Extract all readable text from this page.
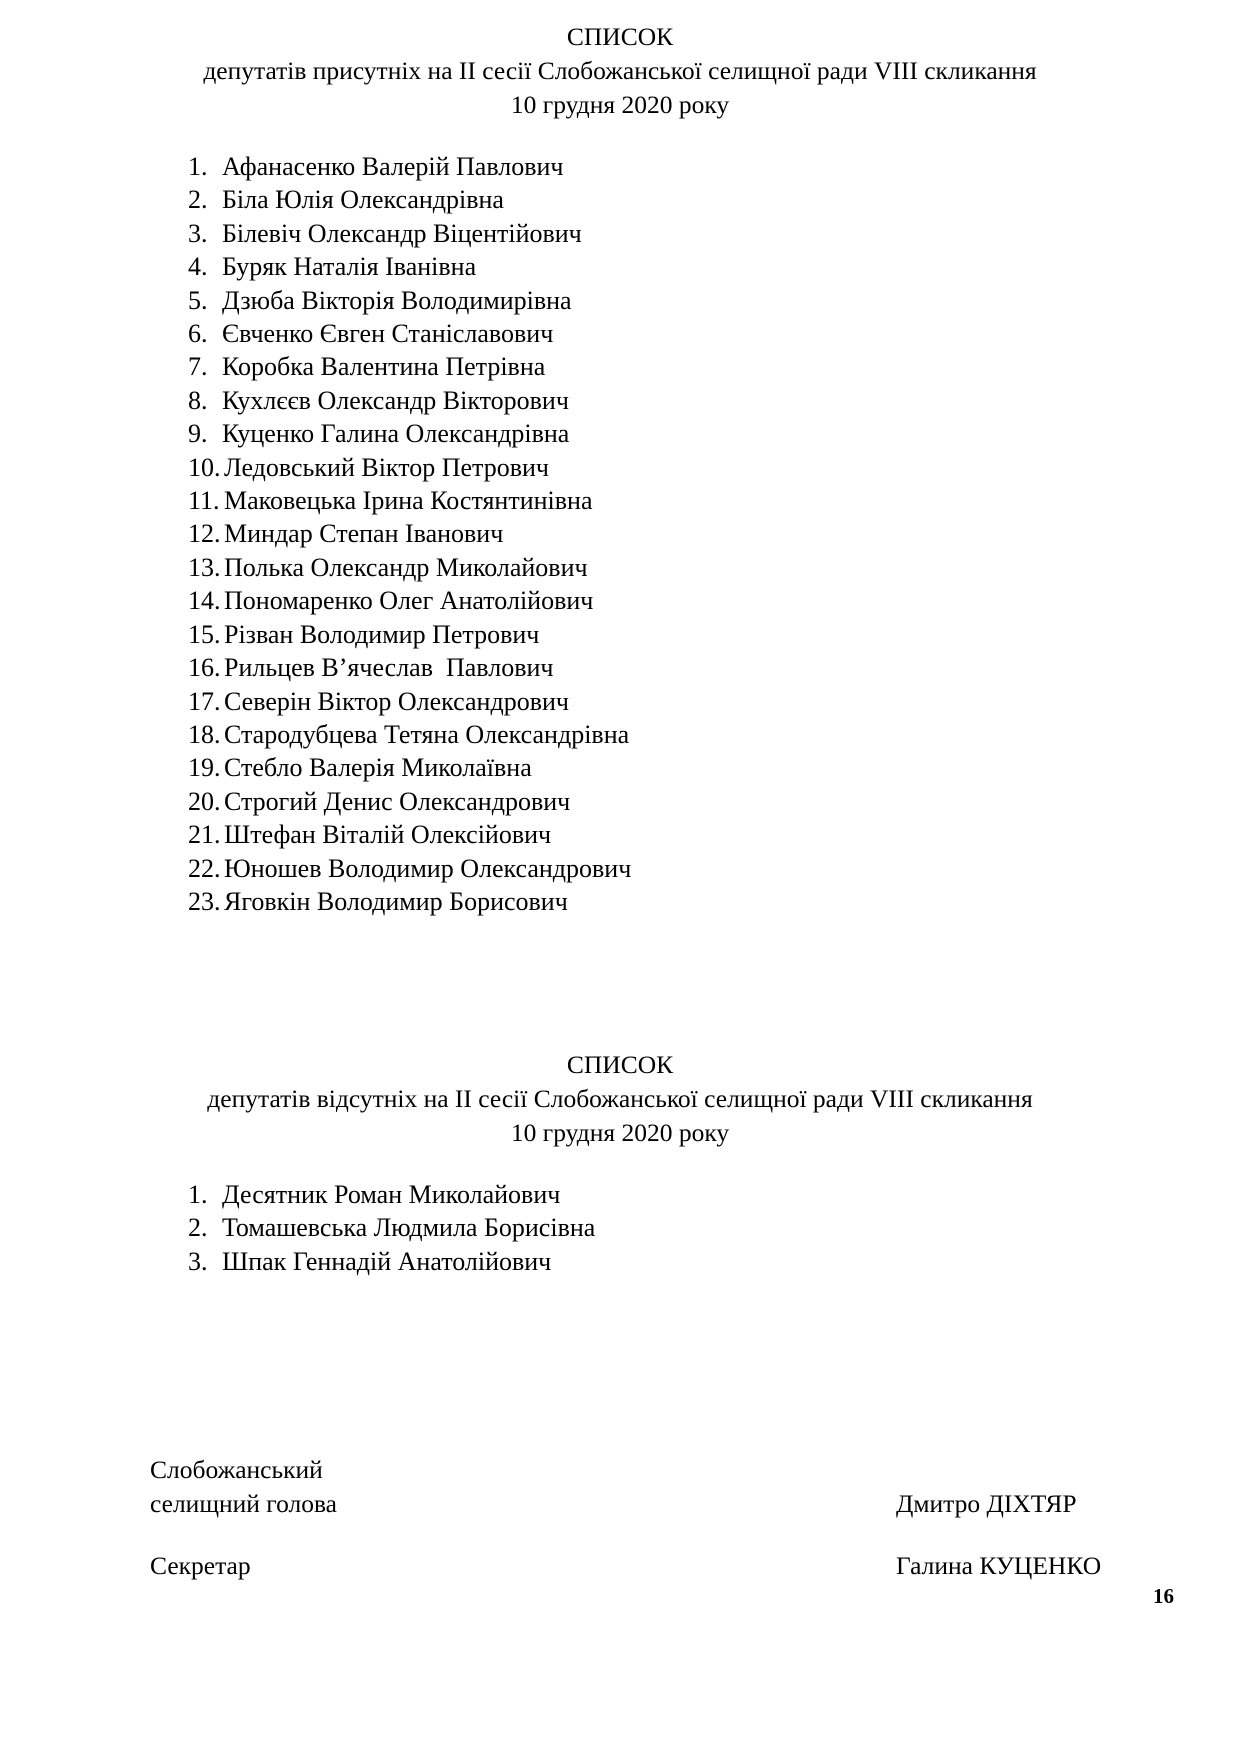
СПИСОК

депутатів присутніх на ІІ сесії Слобожанської селищної ради VIII скликання

10 грудня 2020 року

1. Афанасенко Валерій Павлович
2. Біла Юлія Олександрівна
3. Білевіч Олександр Віцентійович
4. Буряк Наталія Іванівна
5. Дзюба Вікторія Володимирівна
6. Євченко Євген Станіславович
7. Коробка Валентина Петрівна
8. Кухлєєв Олександр Вікторович
9. Куценко Галина Олександрівна
10. Ледовський Віктор Петрович
11. Маковецька Ірина Костянтинівна
12. Миндар Степан Іванович
13. Полька Олександр Миколайович
14. Пономаренко Олег Анатолійович
15. Різван Володимир Петрович
16. Рильцев В’ячеслав  Павлович
17. Северін Віктор Олександрович
18. Стародубцева Тетяна Олександрівна
19. Стебло Валерія Миколаївна
20. Строгий Денис Олександрович
21. Штефан Віталій Олексійович
22. Юношев Володимир Олександрович
23. Яговкін Володимир Борисович

СПИСОК

депутатів відсутніх на ІІ сесії Слобожанської селищної ради VIII скликання

10 грудня 2020 року

1. Десятник Роман Миколайович
2. Томашевська Людмила Борисівна
3. Шпак Геннадій Анатолійович
Слобожанський
селищний голова	Дмитро ДІХТЯР
Секретар	Галина КУЦЕНКО
16
